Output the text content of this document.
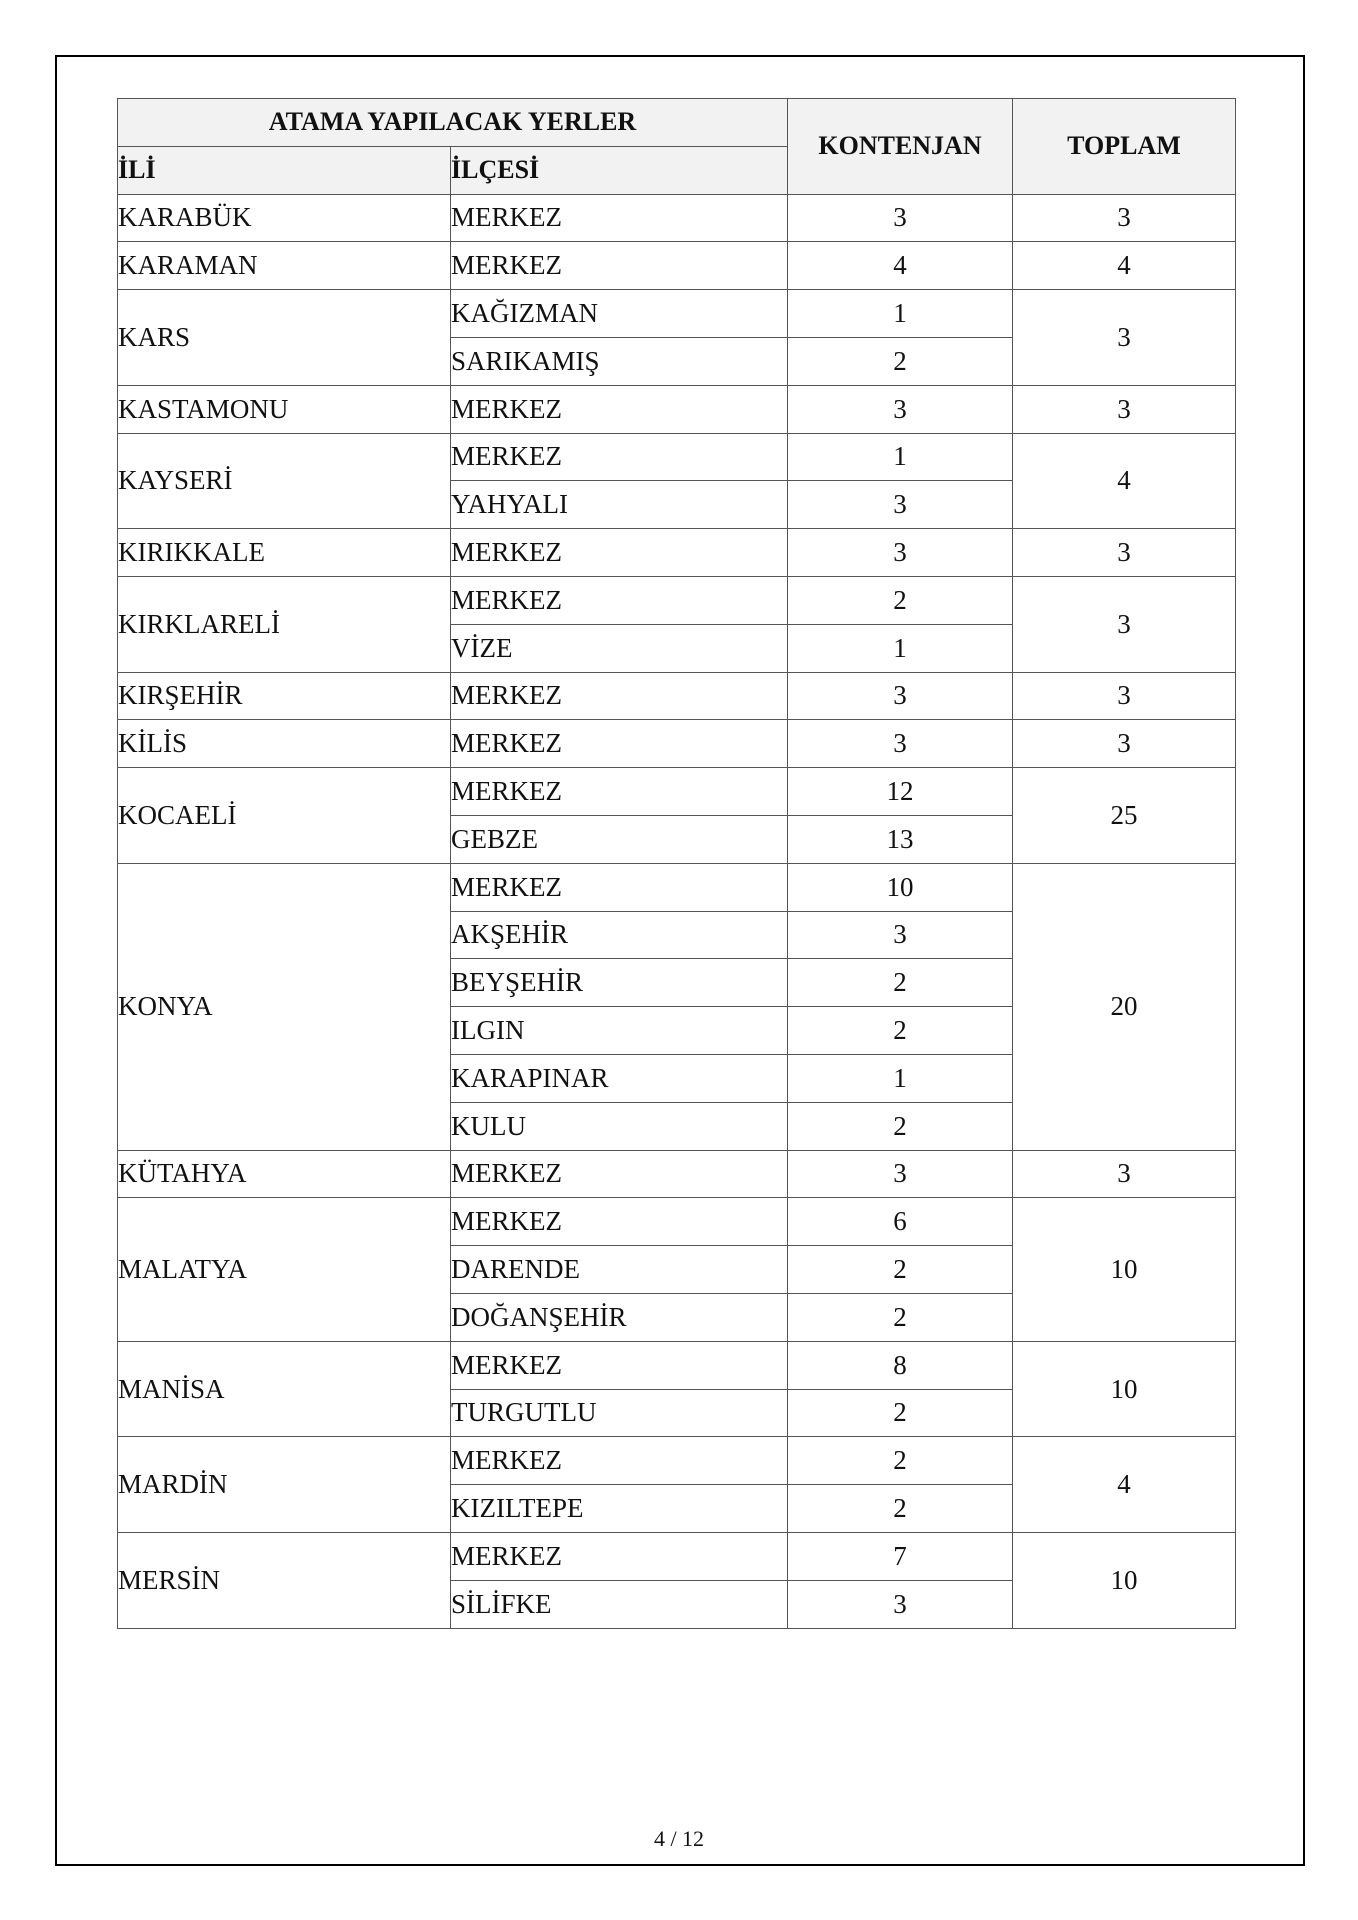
ATAMA YAPILACAK YERLER		KONTENJAN	TOPLAM
İLİ	İLÇESİ		
KARABÜK	MERKEZ	3	3
KARAMAN	MERKEZ	4	4
KARS	KAĞIZMAN	1	3
	SARIKAMIŞ	2	
KASTAMONU	MERKEZ	3	3
KAYSERİ	MERKEZ	1	4
	YAHYALI	3	
KIRIKKALE	MERKEZ	3	3
KIRKLARELİ	MERKEZ	2	3
	VİZE	1	
KIRŞEHİR	MERKEZ	3	3
KİLİS	MERKEZ	3	3
KOCAELİ	MERKEZ	12	25
	GEBZE	13	
KONYA	MERKEZ	10	20
	AKŞEHİR	3	
	BEYŞEHİR	2	
	ILGIN	2	
	KARAPINAR	1	
	KULU	2	
KÜTAHYA	MERKEZ	3	3
MALATYA	MERKEZ	6	10
	DARENDE	2	
	DOĞANŞEHİR	2	
MANİSA	MERKEZ	8	10
	TURGUTLU	2	
MARDİN	MERKEZ	2	4
	KIZILTEPE	2	
MERSİN	MERKEZ	7	10
	SİLİFKE	3	
4 / 12
